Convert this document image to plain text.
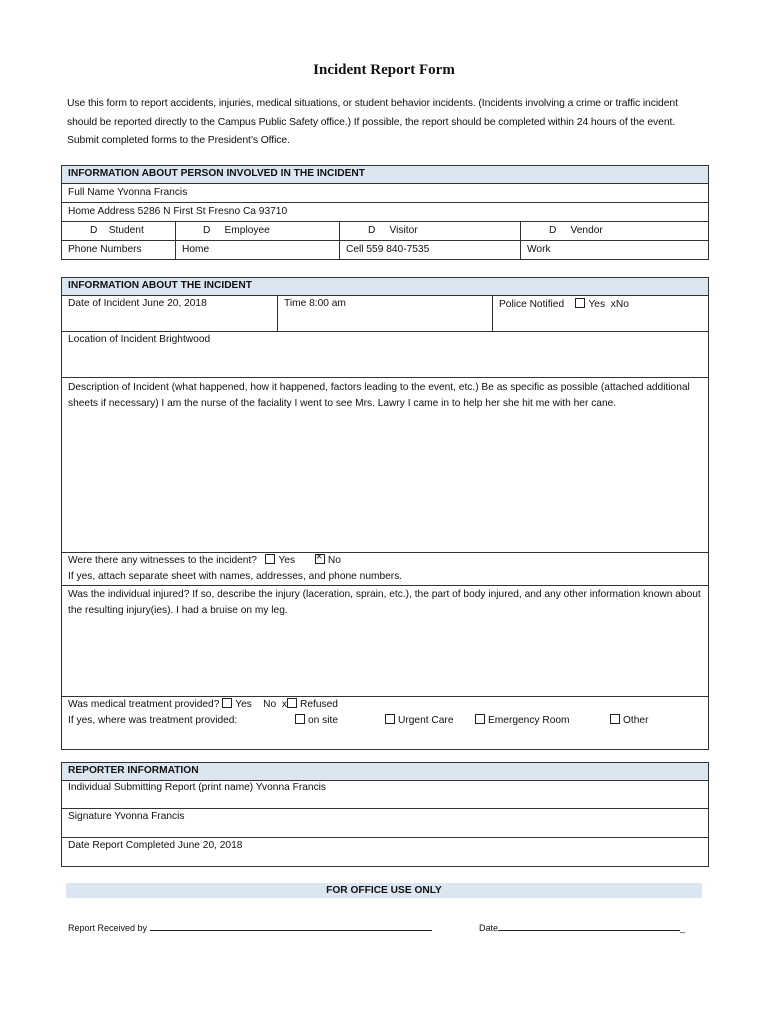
Incident Report Form
Use this form to report accidents, injuries, medical situations, or student behavior incidents. (Incidents involving a crime or traffic incident should be reported directly to the Campus Public Safety office.) If possible, the report should be completed within 24 hours of the event. Submit completed forms to the President’s Office.
INFORMATION ABOUT PERSON INVOLVED IN THE INCIDENT
Full Name Yvonna Francis
Home Address 5286 N First St Fresno Ca 93710
D Student	D Employee	D Visitor	D Vendor
Phone Numbers	Home	Cell 559 840-7535	Work
INFORMATION ABOUT THE INCIDENT
Date of Incident June 20, 2018	Time 8:00 am	Police Notified Yes xNo
Location of Incident Brightwood
Description of Incident (what happened, how it happened, factors leading to the event, etc.) Be as specific as possible (attached additional sheets if necessary) I am the nurse of the faciality I went to see Mrs. Lawry I came in to help her she hit me with her cane.
Were there any witnesses to the incident? Yes       ×	No
If yes, attach separate sheet with names, addresses, and phone numbers.
Was the individual injured? If so, describe the injury (laceration, sprain, etc.), the part of body injured, and any other information known about the resulting injury(ies). I had a bruise on my leg.
Was medical treatment provided? Yes No x Refused
If yes, where was treatment provided:	on site	Urgent Care	Emergency Room	Other
REPORTER INFORMATION
Individual Submitting Report (print name) Yvonna Francis
Signature Yvonna Francis
Date Report Completed June 20, 2018
FOR OFFICE USE ONLY
Report Received by	Date	_
